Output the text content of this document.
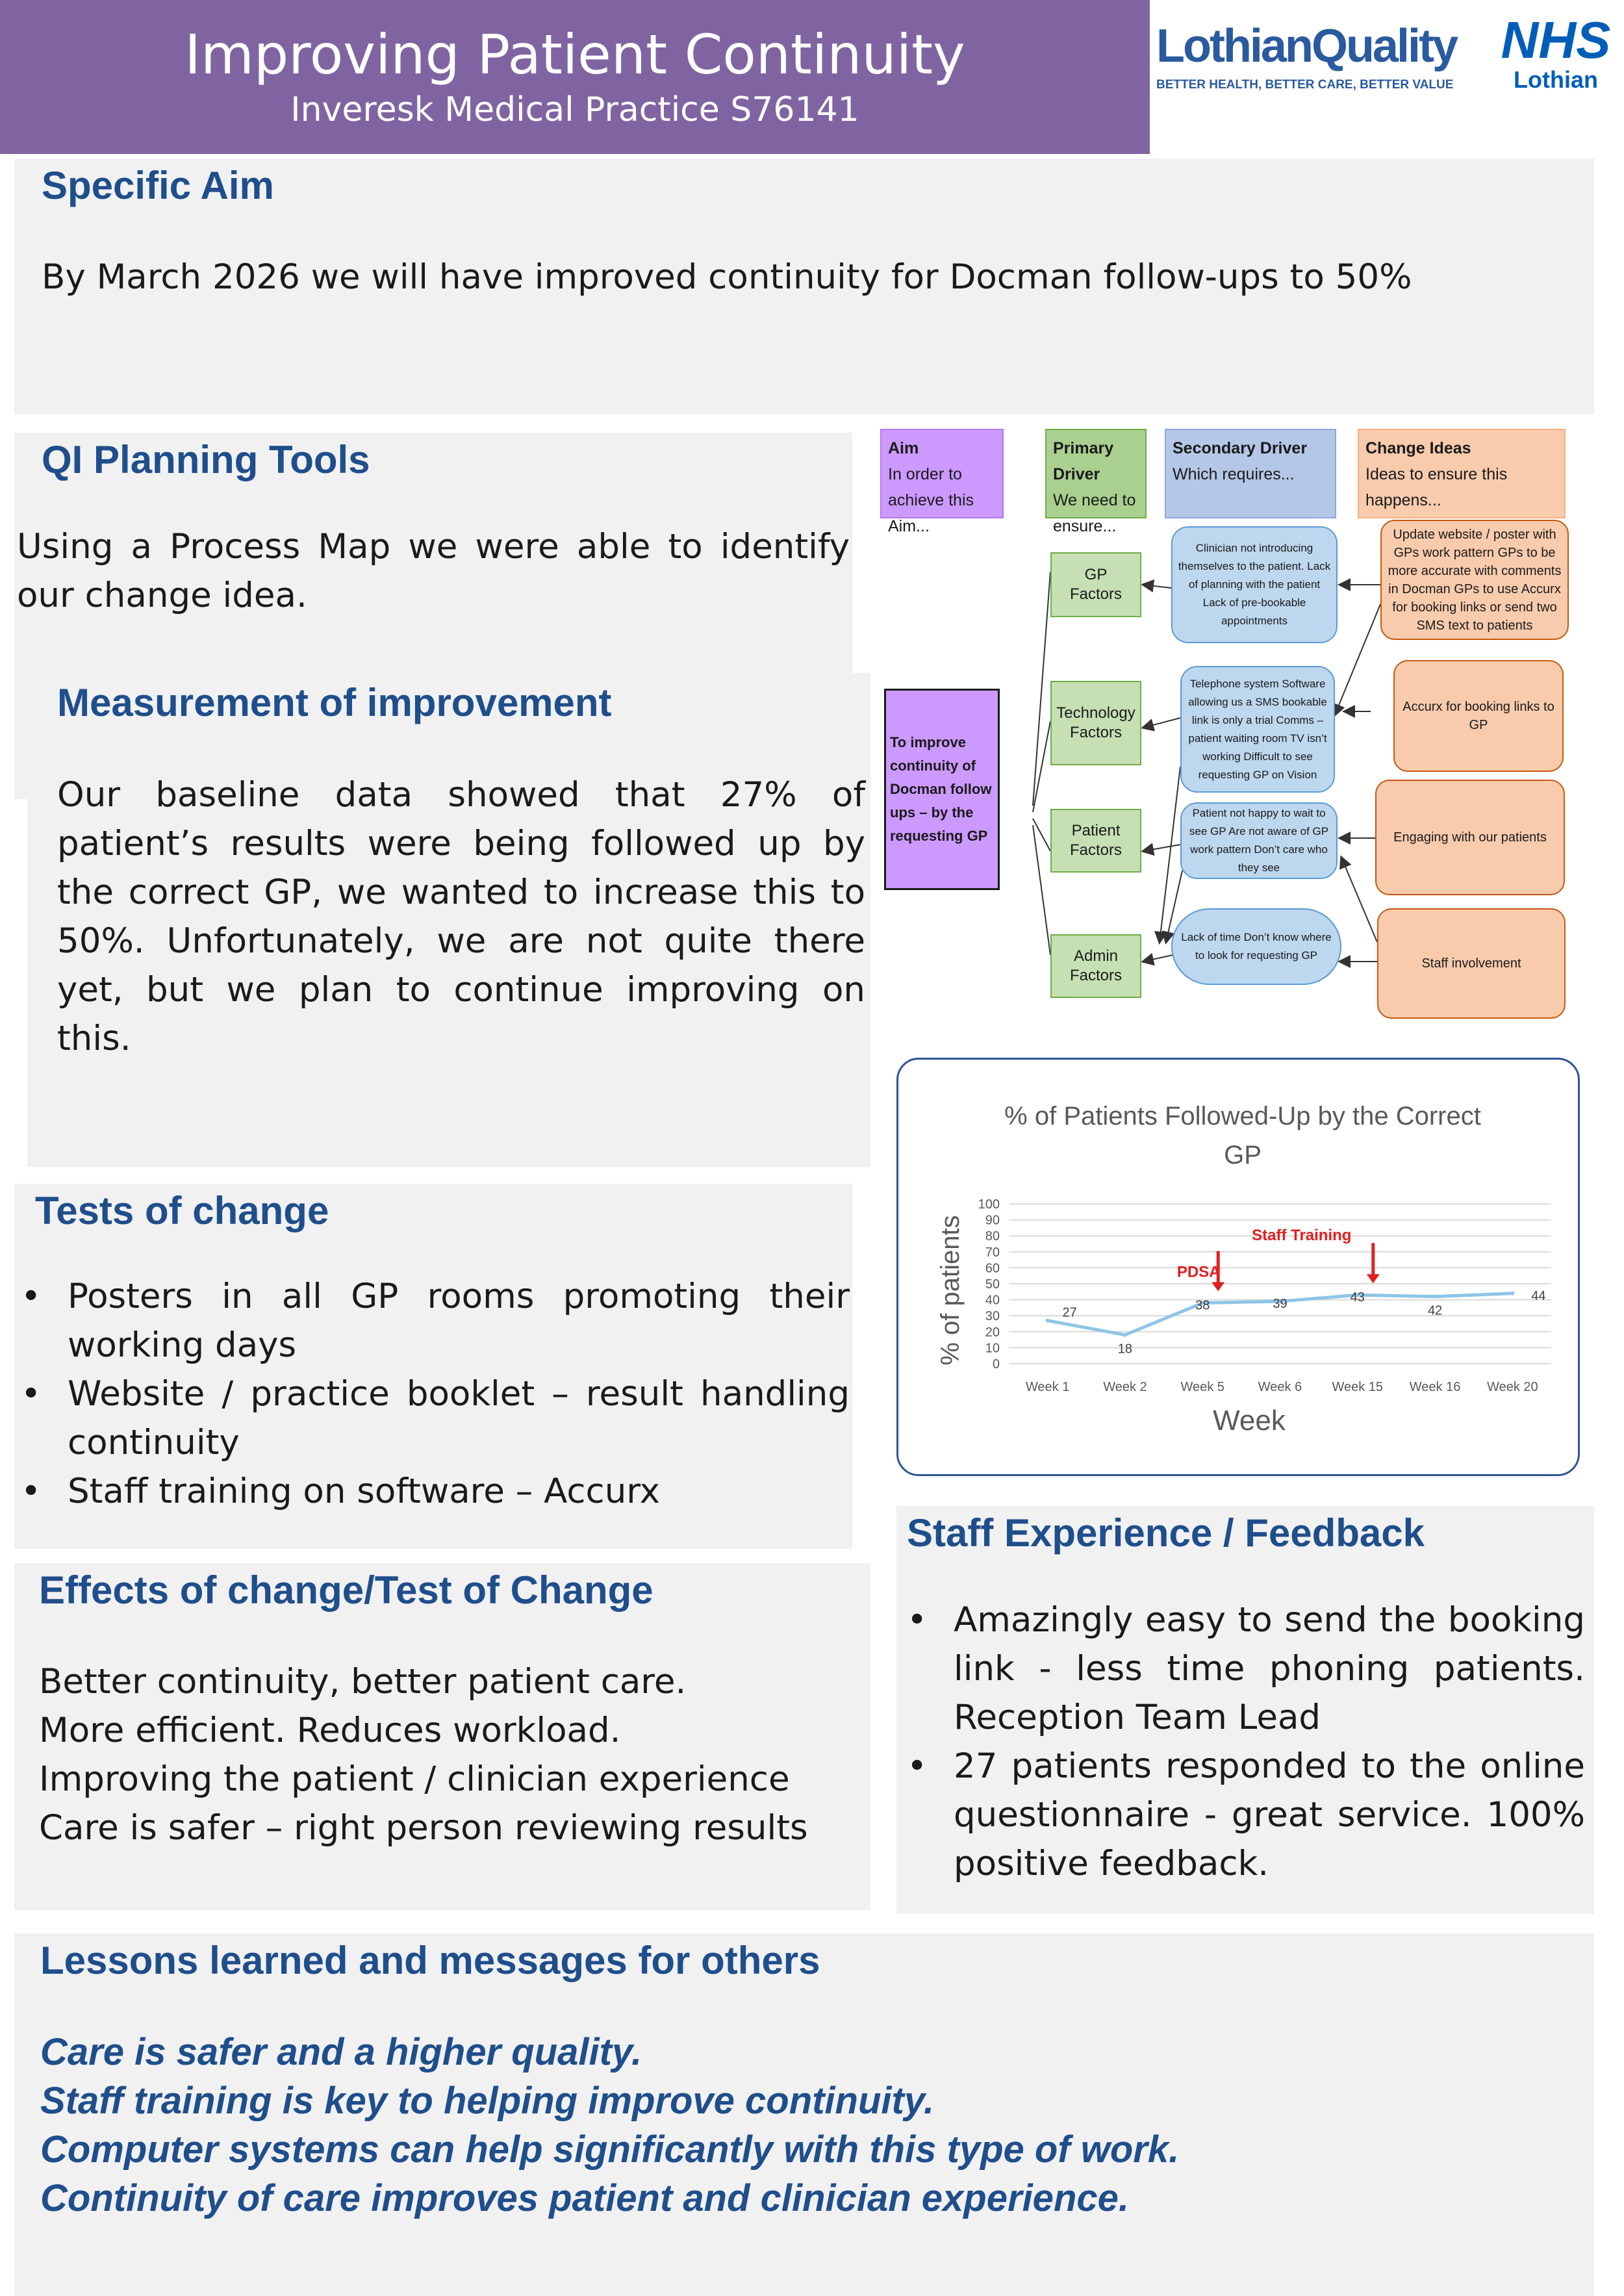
Improving Patient Continuity
Inveresk Medical Practice S76141
LothianQuality
BETTER HEALTH, BETTER CARE, BETTER VALUE
NHS
Lothian
Specific Aim
By March 2026 we will have improved continuity for Docman follow-ups to 50%
QI Planning Tools
Using a Process Map we were able to identify our change idea.
Measurement of improvement
Our baseline data showed that 27% of patient’s results were being followed up by the correct GP, we wanted to increase this to 50%. Unfortunately, we are not quite there yet, but we plan to continue improving on this.
Aim
In order to achieve this Aim...
Primary Driver
We need to ensure...
Secondary Driver
Which requires...
Change Ideas
Ideas to ensure this happens...
To improve continuity of Docman follow ups – by the requesting GP
GP Factors
Technology Factors
Patient Factors
Admin Factors
Clinician not introducing themselves to the patient. Lack of planning with the patient Lack of pre-bookable appointments
Telephone system Software allowing us a SMS bookable link is only a trial Comms – patient waiting room TV isn’t working Difficult to see requesting GP on Vision
Patient not happy to wait to see GP Are not aware of GP work pattern Don’t care who they see
Lack of time Don’t know where to look for requesting GP
Update website / poster with GPs work pattern GPs to be more accurate with comments in Docman GPs to use Accurx for booking links or send two SMS text to patients
Accurx for booking links to GP
Engaging with our patients
Staff involvement
% of Patients Followed-Up by the Correct
GP
0
10
20
30
40
50
60
70
80
90
100
Week 1	Week 2	Week 5	Week 6 Week 15 Week 16 Week 20
27
18
38	39	43
42
44
PDSA
Staff Training
Week
% of patients
Tests of change
• Posters in all GP rooms promoting their working days
• Website / practice booklet – result handling continuity
• Staff training on software – Accurx
Effects of change/Test of Change
Better continuity, better patient care.
More efficient. Reduces workload.
Improving the patient / clinician experience
Care is safer – right person reviewing results
Staff Experience / Feedback
• Amazingly easy to send the booking link - less time phoning patients. Reception Team Lead
• 27 patients responded to the online questionnaire - great service. 100% positive feedback.
Lessons learned and messages for others
Care is safer and a higher quality.
Staff training is key to helping improve continuity.
Computer systems can help significantly with this type of work.
Continuity of care improves patient and clinician experience.
